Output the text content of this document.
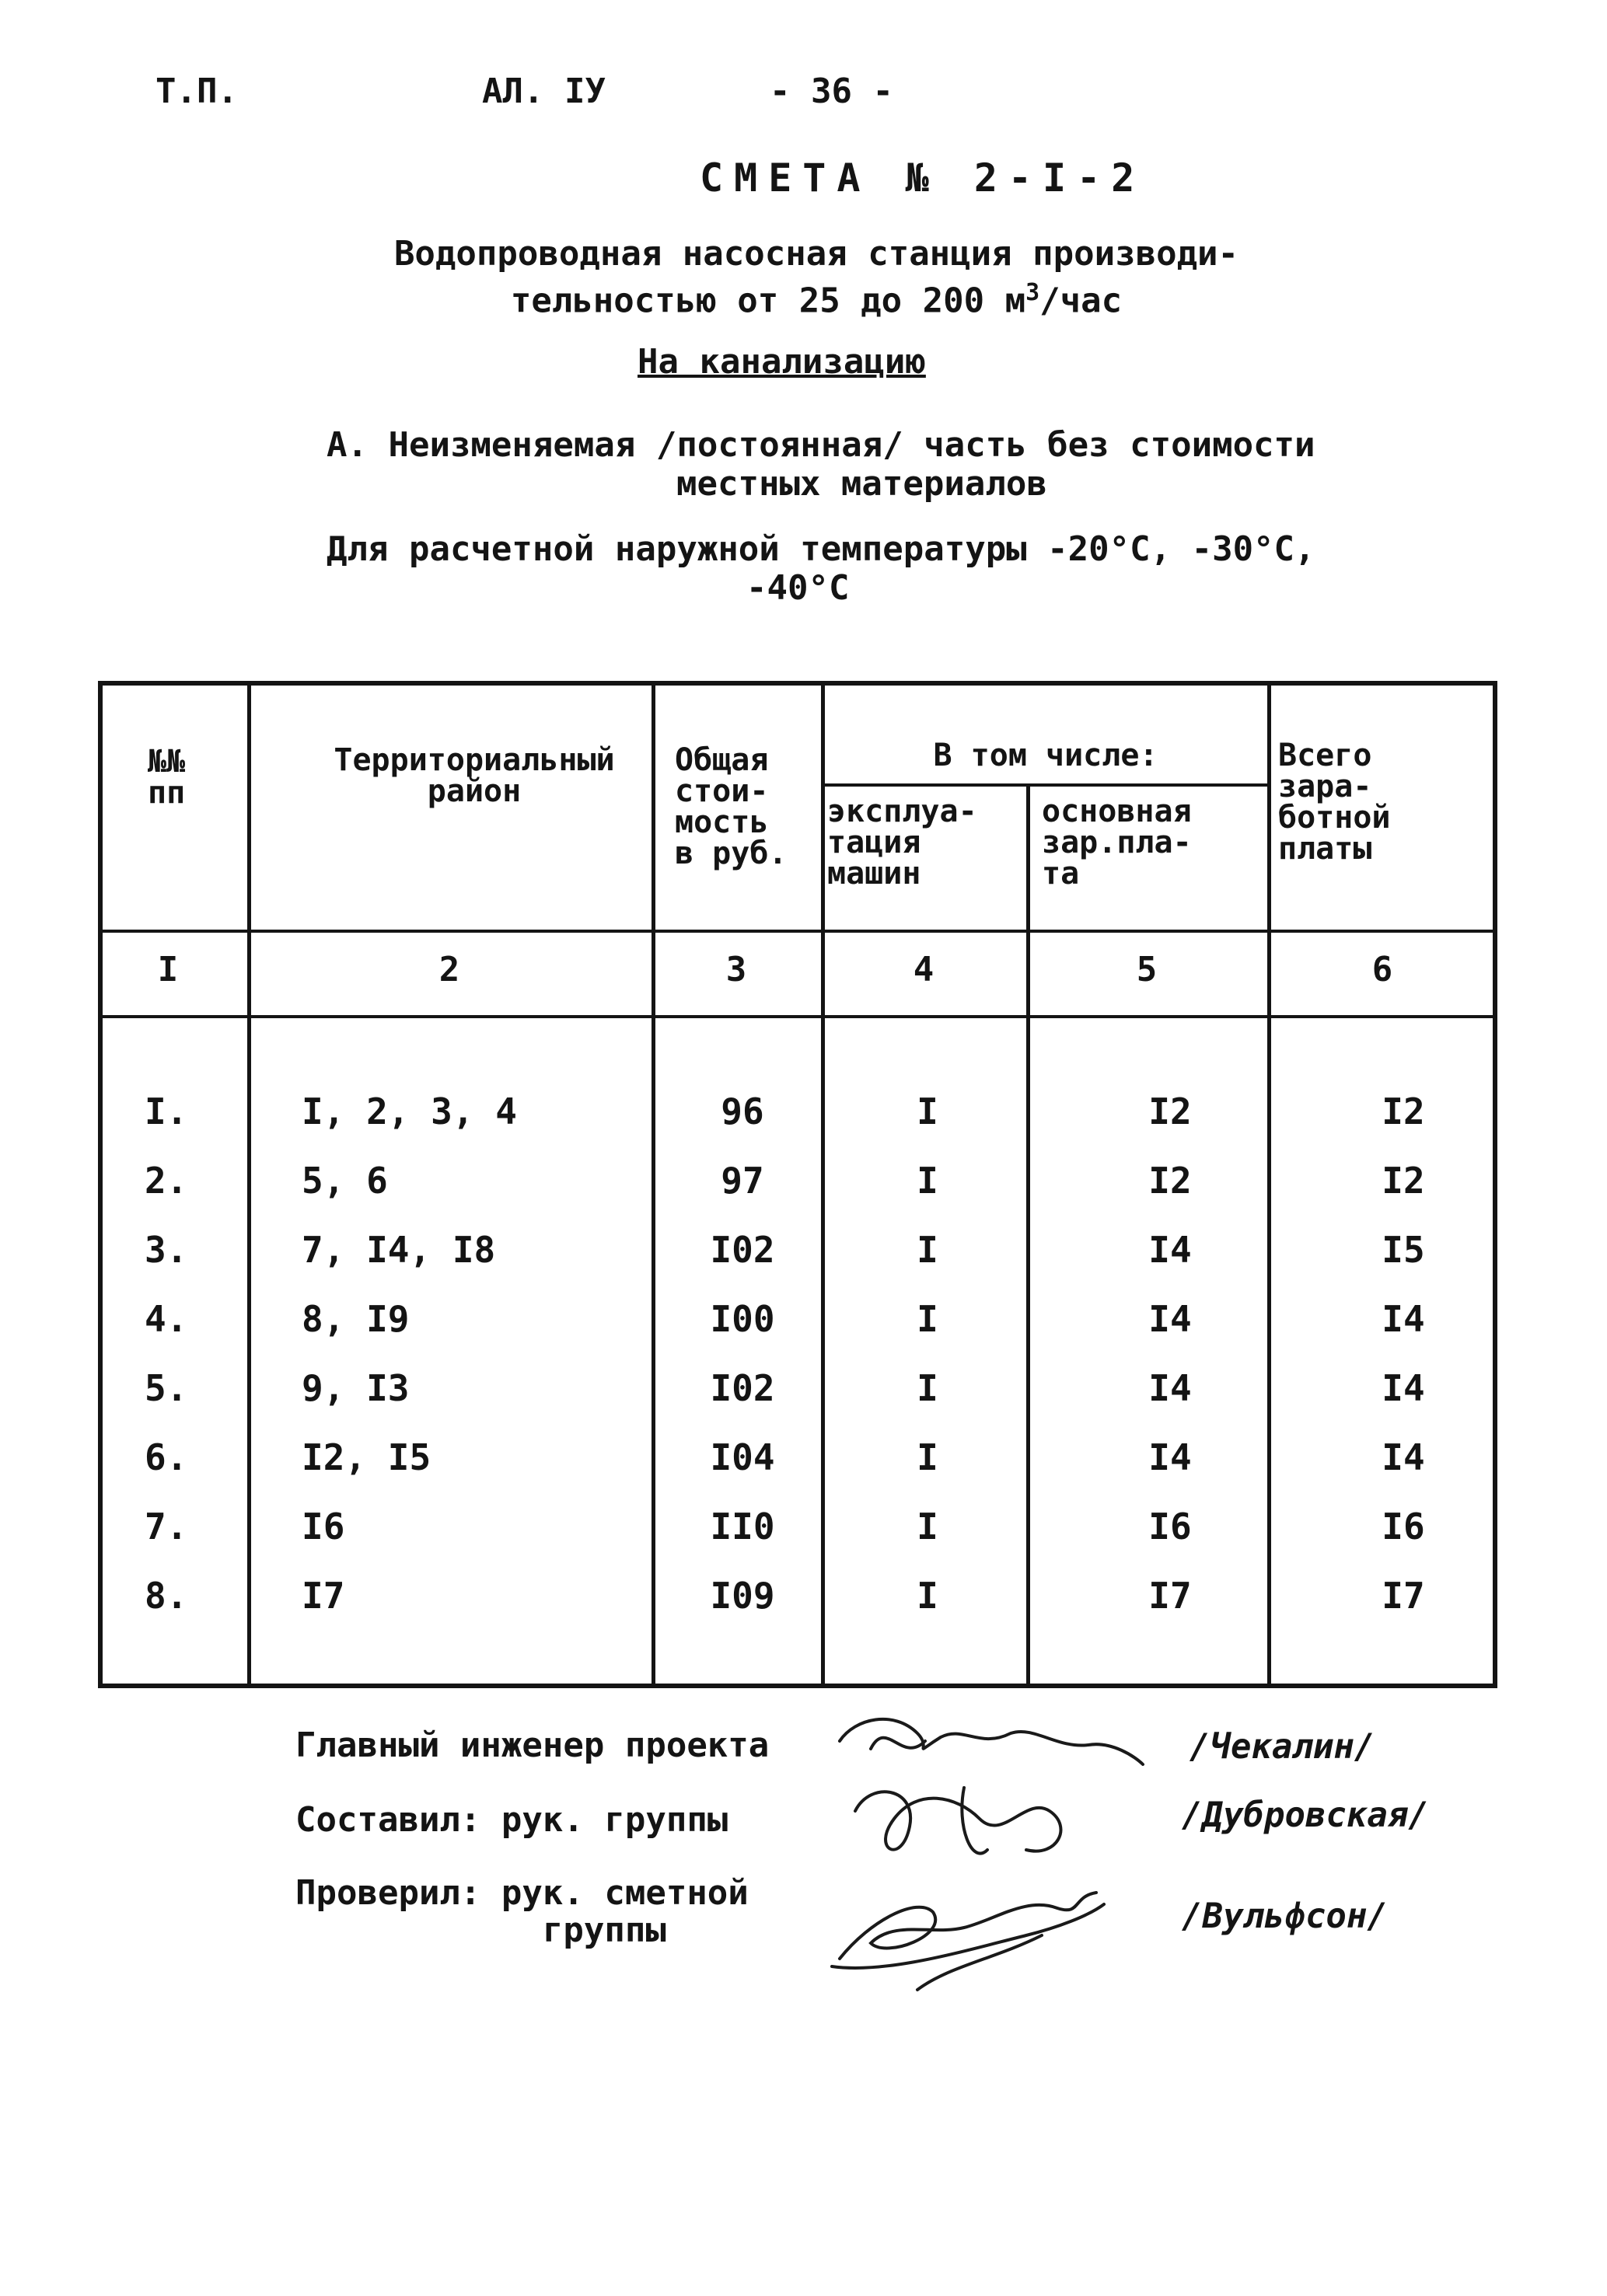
Т.П.	АЛ. IУ	- 36 -
СМЕТА № 2-I-2
Водопроводная насосная станция производи-
тельностью от 25 до 200 $м^3$/час
На канализацию
А. Неизменяемая /постоянная/ часть без стоимости
местных материалов
Для расчетной наружной температуры -20°С, -30°С,
-40°С
№№
пп
Территориальный
район
Общая
стои-
мость
в руб.
В том числе:
эксплуа-
тация
машин
основная
зар.пла-
та
Всего
зара-
ботной
платы
I	2	3	4	5	6
I.	I, 2, 3, 4	96	I	I2	I2
2.	5, 6	97	I	I2	I2
3.	7, I4, I8	I02	I	I4	I5
4.	8, I9	I00	I	I4	I4
5.	9, I3	I02	I	I4	I4
6.	I2, I5	I04	I	I4	I4
7.	I6	II0	I	I6	I6
8.	I7	I09	I	I7	I7
Главный инженер проекта	/Чекалин/
Составил: рук. группы	/Дубровская/
Проверил: рук. сметной
группы	/Вульфсон/
